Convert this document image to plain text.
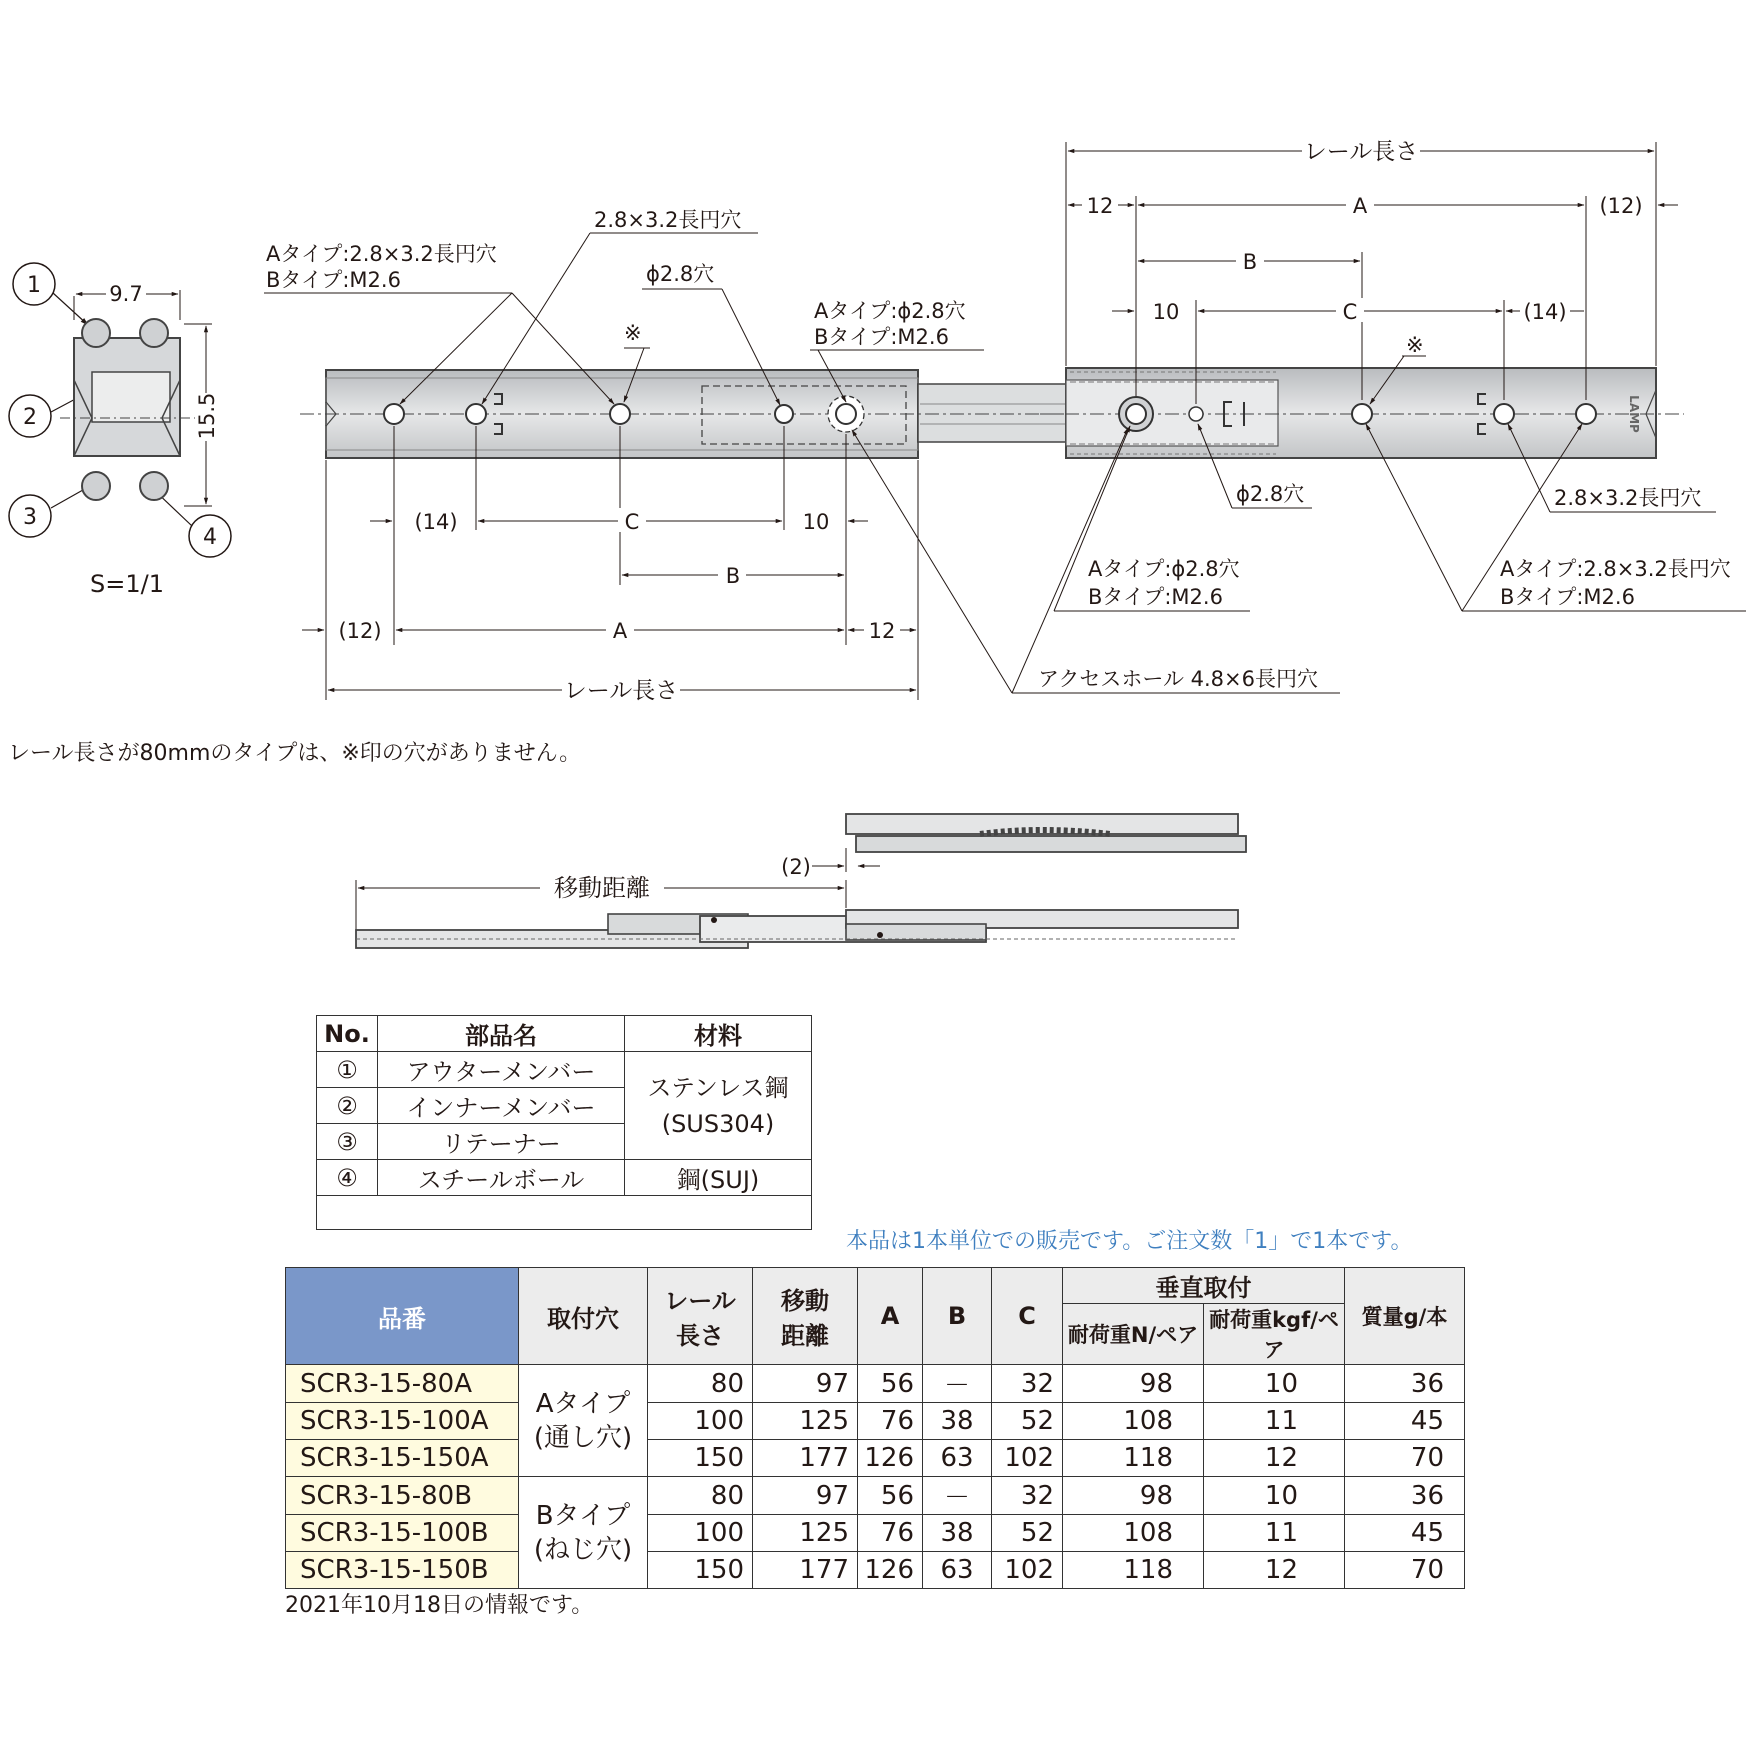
1
2
3
4
9.7
15.5
S=1/1
Aタイプ:2.8×3.2長円穴
Bタイプ:M2.6
2.8×3.2長円穴
ϕ2.8穴
※
Aタイプ:ϕ2.8穴
Bタイプ:M2.6
(14)	C	10
B
(12)	A	12
レール長さ
LAMP
レール長さ
12	A	(12)
B
10	C	(14)
※
ϕ2.8穴	2.8×3.2長円穴
Aタイプ:ϕ2.8穴
Bタイプ:M2.6
Aタイプ:2.8×3.2長円穴
Bタイプ:M2.6
アクセスホール 4.8×6長円穴
(2)
移動距離
レール長さが80mmのタイプは、※印の穴がありません。
No.	部品名	材料
①	アウターメンバー	ステンレス鋼
(SUS304)
②	インナーメンバー	
③	リテーナー	
④	スチールボール	鋼(SUJ)

本品は1本単位での販売です。ご注文数「1」で1本です。
品番	取付穴	レール
長さ	移動
距離	A	B	C	垂直取付		質量g/本
							耐荷重N/ペア	耐荷重kgf/ペア	
SCR3-15-80A	Aタイプ
(通し穴)	80	97	56	－	32	98	10	36
SCR3-15-100A		100	125	76	38	52	108	11	45
SCR3-15-150A		150	177	126	63	102	118	12	70
SCR3-15-80B	Bタイプ
(ねじ穴)	80	97	56	－	32	98	10	36
SCR3-15-100B		100	125	76	38	52	108	11	45
SCR3-15-150B		150	177	126	63	102	118	12	70
2021年10月18日の情報です。
